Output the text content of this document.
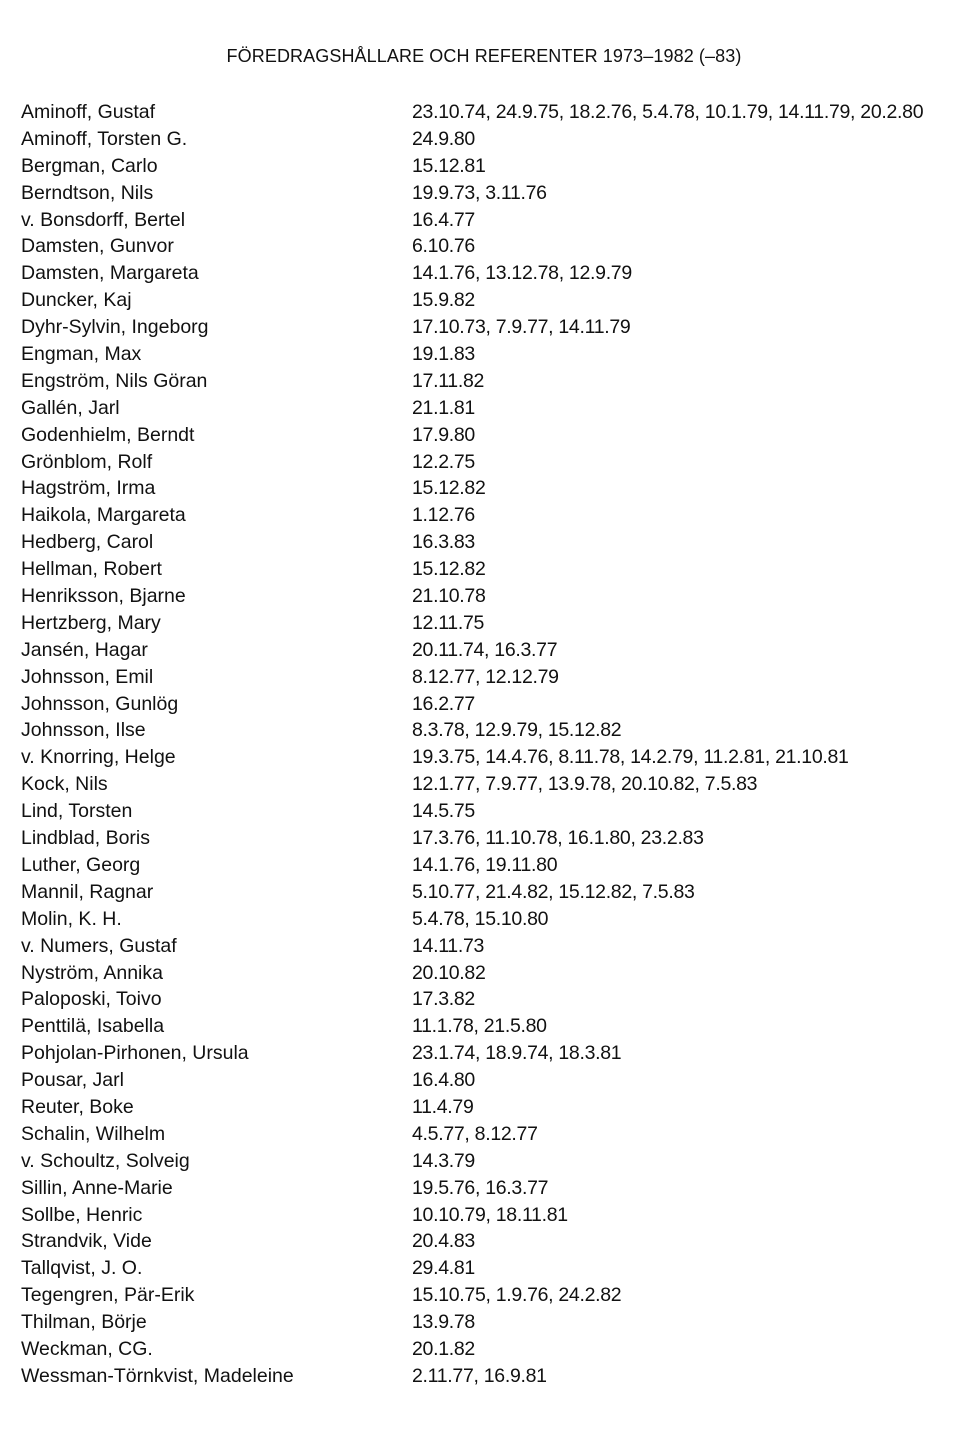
FÖREDRAGSHÅLLARE OCH REFERENTER 1973–1982 (–83)
Aminoff, Gustaf	23.10.74, 24.9.75, 18.2.76, 5.4.78, 10.1.79, 14.11.79, 20.2.80
Aminoff, Torsten G.	24.9.80
Bergman, Carlo	15.12.81
Berndtson, Nils	19.9.73, 3.11.76
v. Bonsdorff, Bertel	16.4.77
Damsten, Gunvor	6.10.76
Damsten, Margareta	14.1.76, 13.12.78, 12.9.79
Duncker, Kaj	15.9.82
Dyhr-Sylvin, Ingeborg	17.10.73, 7.9.77, 14.11.79
Engman, Max	19.1.83
Engström, Nils Göran	17.11.82
Gallén, Jarl	21.1.81
Godenhielm, Berndt	17.9.80
Grönblom, Rolf	12.2.75
Hagström, Irma	15.12.82
Haikola, Margareta	1.12.76
Hedberg, Carol	16.3.83
Hellman, Robert	15.12.82
Henriksson, Bjarne	21.10.78
Hertzberg, Mary	12.11.75
Jansén, Hagar	20.11.74, 16.3.77
Johnsson, Emil	8.12.77, 12.12.79
Johnsson, Gunlög	16.2.77
Johnsson, Ilse	8.3.78, 12.9.79, 15.12.82
v. Knorring, Helge	19.3.75, 14.4.76, 8.11.78, 14.2.79, 11.2.81, 21.10.81
Kock, Nils	12.1.77, 7.9.77, 13.9.78, 20.10.82, 7.5.83
Lind, Torsten	14.5.75
Lindblad, Boris	17.3.76, 11.10.78, 16.1.80, 23.2.83
Luther, Georg	14.1.76, 19.11.80
Mannil, Ragnar	5.10.77, 21.4.82, 15.12.82, 7.5.83
Molin, K. H.	5.4.78, 15.10.80
v. Numers, Gustaf	14.11.73
Nyström, Annika	20.10.82
Paloposki, Toivo	17.3.82
Penttilä, Isabella	11.1.78, 21.5.80
Pohjolan-Pirhonen, Ursula	23.1.74, 18.9.74, 18.3.81
Pousar, Jarl	16.4.80
Reuter, Boke	11.4.79
Schalin, Wilhelm	4.5.77, 8.12.77
v. Schoultz, Solveig	14.3.79
Sillin, Anne-Marie	19.5.76, 16.3.77
Sollbe, Henric	10.10.79, 18.11.81
Strandvik, Vide	20.4.83
Tallqvist, J. O.	29.4.81
Tegengren, Pär-Erik	15.10.75, 1.9.76, 24.2.82
Thilman, Börje	13.9.78
Weckman, CG.	20.1.82
Wessman-Törnkvist, Madeleine	2.11.77, 16.9.81
